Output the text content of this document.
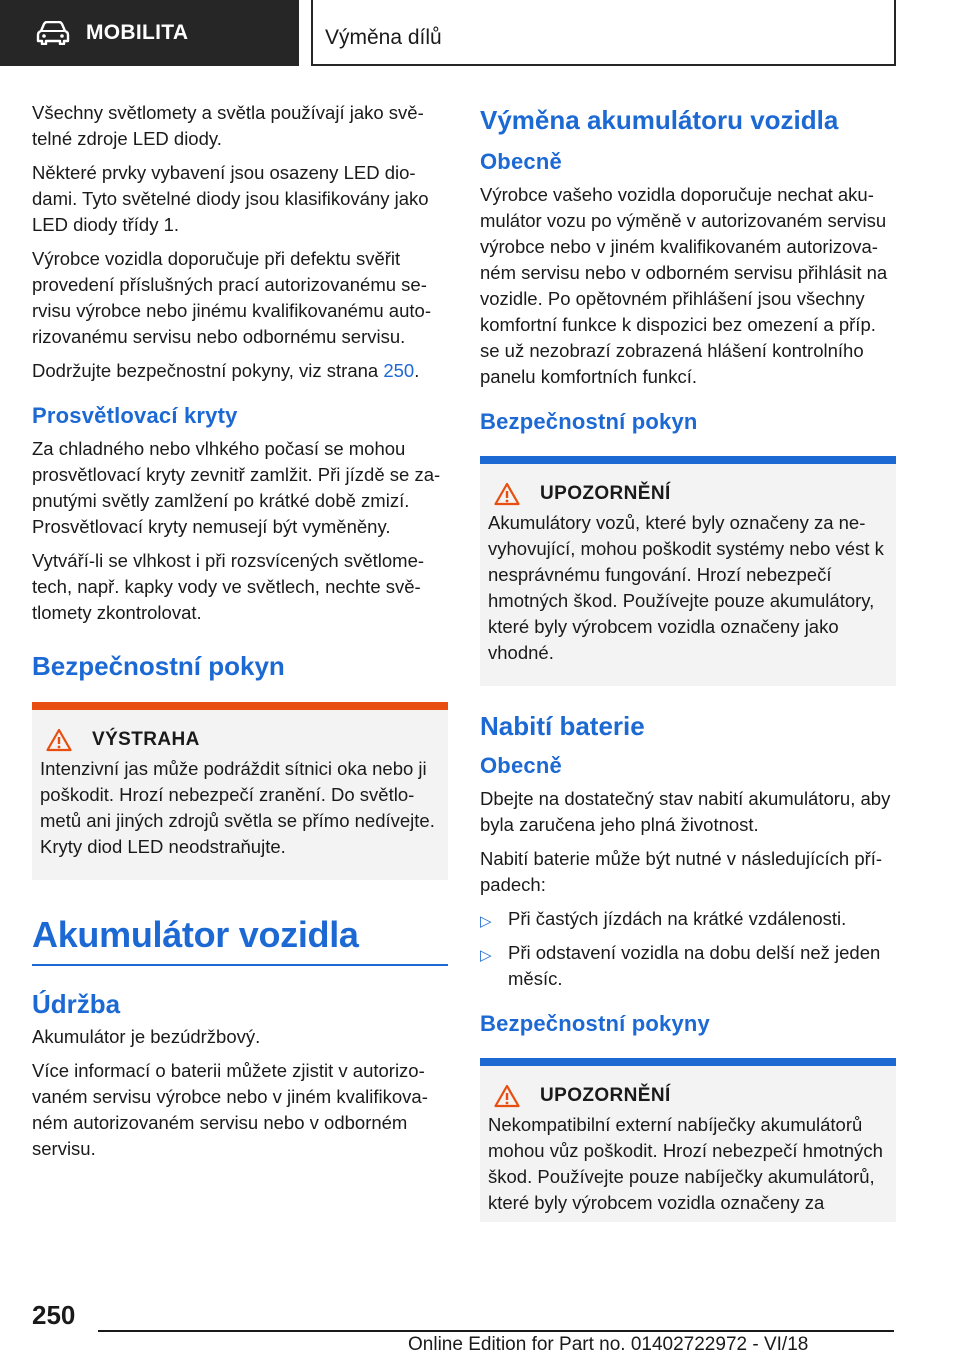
MOBILITA	Výměna dílů

Všechny světlomety a světla používají jako světelné zdroje LED diody.

Některé prvky vybavení jsou osazeny LED diodami. Tyto světelné diody jsou klasifikovány jako LED diody třídy 1.

Výrobce vozidla doporučuje při defektu svěřit provedení příslušných prací autorizovanému servisu výrobce nebo jinému kvalifikovanému autorizovanému servisu nebo odbornému servisu.

Dodržujte bezpečnostní pokyny, viz strana 250.

Prosvětlovací kryty

Za chladného nebo vlhkého počasí se mohou prosvětlovací kryty zevnitř zamlžit. Při jízdě se zapnutými světly zamlžení po krátké době zmizí. Prosvětlovací kryty nemusejí být vyměněny.

Vytváří-li se vlhkost i při rozsvícených světlometech, např. kapky vody ve světlech, nechte světlomety zkontrolovat.

Bezpečnostní pokyn
VÝSTRAHA

Intenzivní jas může podráždit sítnici oka nebo ji poškodit. Hrozí nebezpečí zranění. Do světlometů ani jiných zdrojů světla se přímo nedívejte. Kryty diod LED neodstraňujte.

Akumulátor vozidla
Údržba

Akumulátor je bezúdržbový.

Více informací o baterii můžete zjistit v autorizovaném servisu výrobce nebo v jiném kvalifikovaném autorizovaném servisu nebo v odborném servisu.

Výměna akumulátoru vozidla
Obecně

Výrobce vašeho vozidla doporučuje nechat akumulátor vozu po výměně v autorizovaném servisu výrobce nebo v jiném kvalifikovaném autorizovaném servisu nebo v odborném servisu přihlásit na vozidle. Po opětovném přihlášení jsou všechny komfortní funkce k dispozici bez omezení a příp. se už nezobrazí zobrazená hlášení kontrolního panelu komfortních funkcí.

Bezpečnostní pokyn
UPOZORNĚNÍ

Akumulátory vozů, které byly označeny za nevyhovující, mohou poškodit systémy nebo vést k nesprávnému fungování. Hrozí nebezpečí hmotných škod. Používejte pouze akumulátory, které byly výrobcem vozidla označeny jako vhodné.

Nabití baterie
Obecně

Dbejte na dostatečný stav nabití akumulátoru, aby byla zaručena jeho plná životnost.

Nabití baterie může být nutné v následujících případech:

▷ Při častých jízdách na krátké vzdálenosti.
▷ Při odstavení vozidla na dobu delší než jeden měsíc.
Bezpečnostní pokyny
UPOZORNĚNÍ

Nekompatibilní externí nabíječky akumulátorů mohou vůz poškodit. Hrozí nebezpečí hmotných škod. Používejte pouze nabíječky akumulátorů, které byly výrobcem vozidla označeny za

250
Online Edition for Part no. 01402722972 - VI/18
